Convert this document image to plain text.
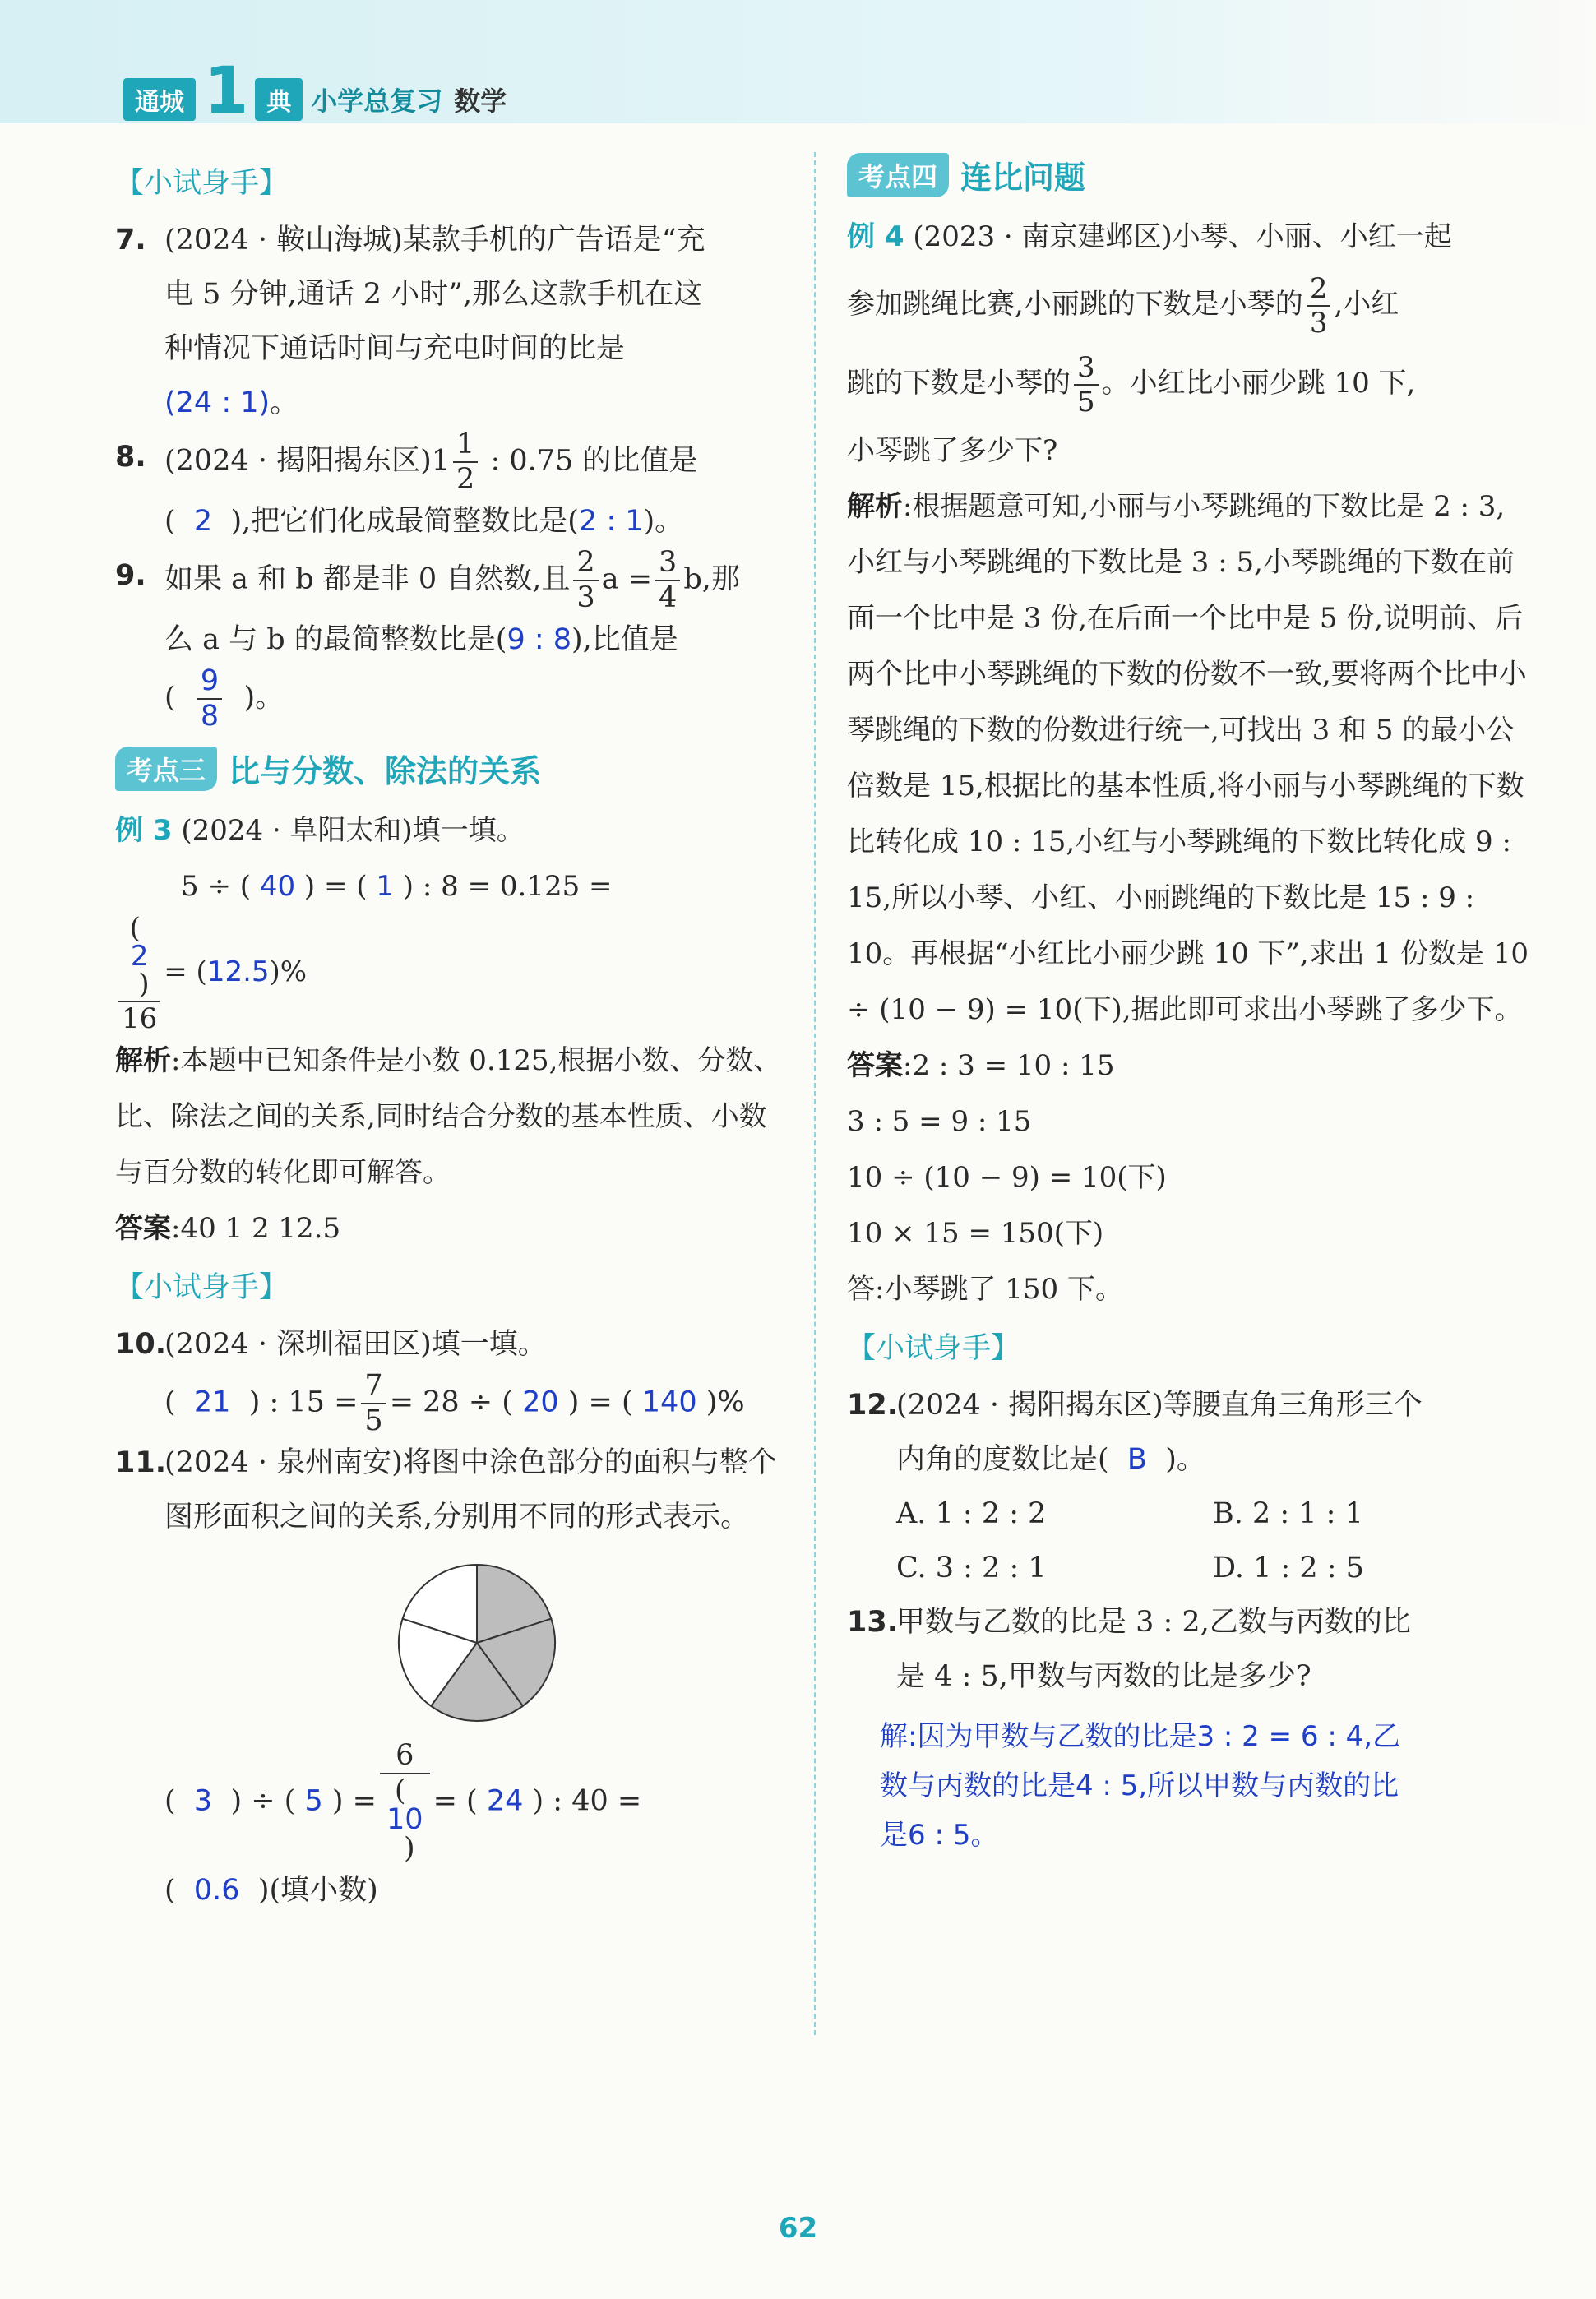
通城 1 典 小学总复习 数学
【小试身手】
7. (2024 · 鞍山海城)某款手机的广告语是“充

电 5 分钟,通话 2 小时”,那么这款手机在这

种情况下通话时间与充电时间的比是

(24 : 1)。

8. (2024 · 揭阳揭东区)$1 \frac{1}{2}$ : 0.75 的比值是

( 2 ),把它们化成最简整数比是(2 : 1)。

9. 如果 a 和 b 都是非 0 自然数,且 $\frac{2}{3}$ $a = \frac{3}{4} b$,那

么 a 与 b 的最简整数比是(9 : 8),比值是

( $\frac{9}{8}$ )。

考点三 比与分数、除法的关系

例 3 (2024 · 阜阳太和)填一填。

5 ÷ ( 40 ) = ( 1 ) : 8 = 0.125 =

(
2
)
16 = (12.5)%

解析:本题中已知条件是小数 0.125,根据小数、分数、比、除法之间的关系,同时结合分数的基本性质、小数与百分数的转化即可解答。

答案:40 1 2 12.5

【小试身手】
10.

(2024 · 深圳福田区)填一填。

(  21 ) : $15 = \frac{7}{5} = 28$ ÷ ( 20 ) = ( 140 )%

11.

(2024 · 泉州南安)将图中涂色部分的面积与整个图形面积之间的关系,分别用不同的形式表示。

(  3 ) ÷ ( 5 ) = 6
(
10
) = ( 24 ) : 40 =

(  0.6 )(填小数)

考点四 连比问题

例 4 (2023 · 南京建邺区)小琴、小丽、小红一起

参加跳绳比赛,小丽跳的下数是小琴的 $\frac{2}{3}$ ,小红

跳的下数是小琴的 $\frac{3}{5}$ 。小红比小丽少跳 10 下,

小琴跳了多少下?

解析:根据题意可知,小丽与小琴跳绳的下数比是 2 : 3,小红与小琴跳绳的下数比是 3 : 5,小琴跳绳的下数在前面一个比中是 3 份,在后面一个比中是 5 份,说明前、后两个比中小琴跳绳的下数的份数不一致,要将两个比中小琴跳绳的下数的份数进行统一,可找出 3 和 5 的最小公倍数是 15,根据比的基本性质,将小丽与小琴跳绳的下数比转化成 10 : 15,小红与小琴跳绳的下数比转化成 9 : 15,所以小琴、小红、小丽跳绳的下数比是 15 : 9 : 10。再根据“小红比小丽少跳 10 下”,求出 1 份数是 10 ÷ (10 − 9) = 10(下),据此即可求出小琴跳了多少下。

答案:2 : 3 = 10 : 15

3 : 5 = 9 : 15

10 ÷ (10 − 9) = 10(下)

10 × 15 = 150(下)

答:小琴跳了 150 下。

【小试身手】
12.

(2024 · 揭阳揭东区)等腰直角三角形三个

内角的度数比是( B )。

A. 1 : 2 : 2	B. 2 : 1 : 1
C. 3 : 2 : 1	D. 1 : 2 : 5
13.

甲数与乙数的比是 3 : 2,乙数与丙数的比

是 4 : 5,甲数与丙数的比是多少?

解:因为甲数与乙数的比是3 : 2 = 6 : 4,乙
数与丙数的比是4 : 5,所以甲数与丙数的比
是6 : 5。
62
